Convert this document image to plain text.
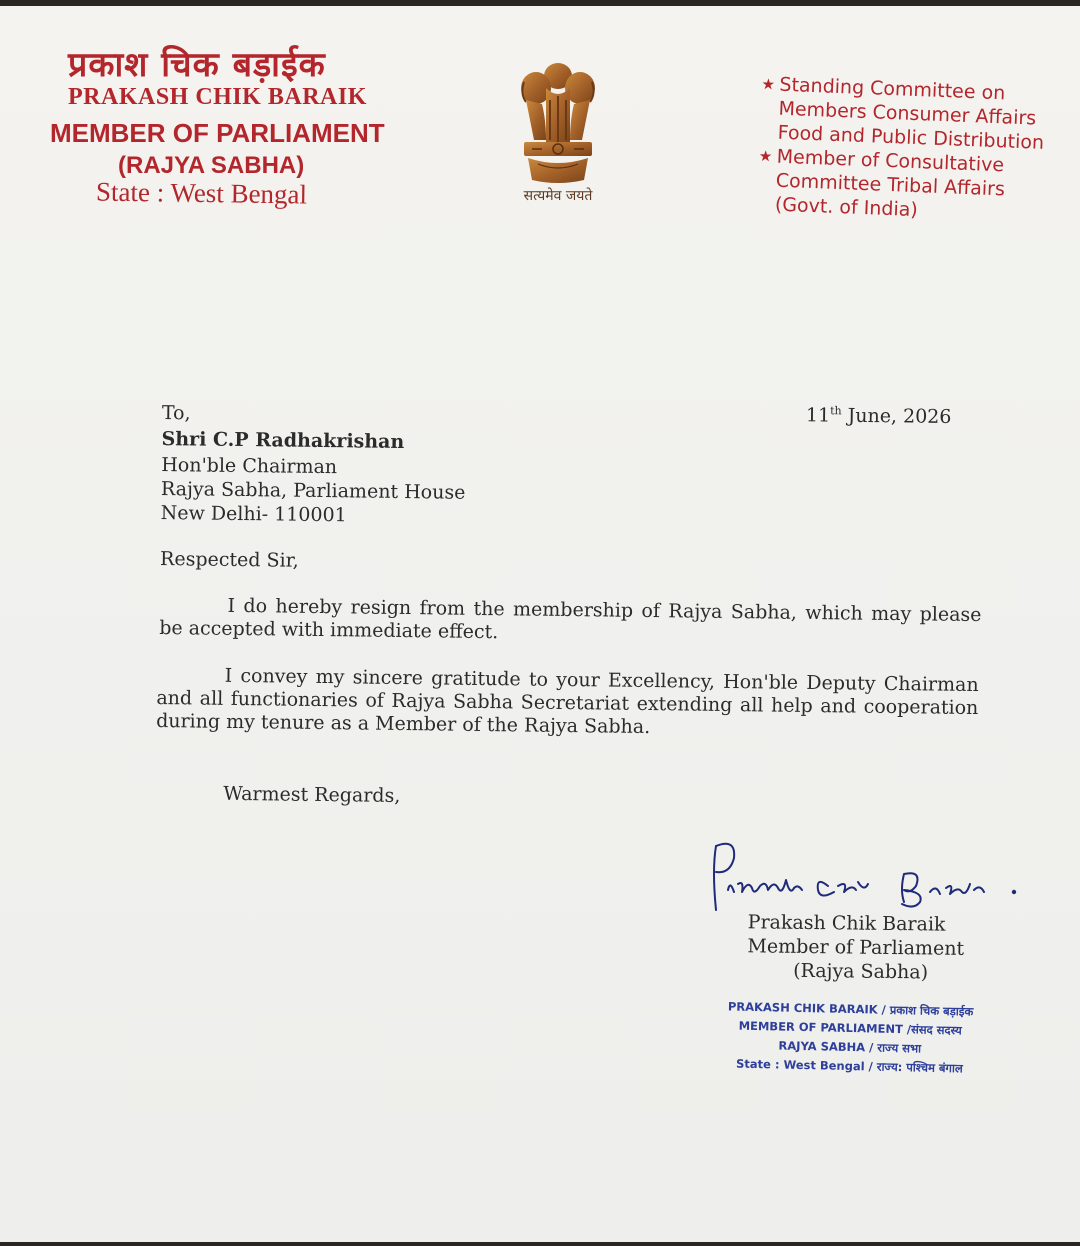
प्रकाश चिक बड़ाईक
PRAKASH CHIK BARAIK
MEMBER OF PARLIAMENT
(RAJYA SABHA)
State : West Bengal	सत्यमेव जयते
★ Standing Committee on
Members Consumer Affairs
Food and Public Distribution
★ Member of Consultative
Committee Tribal Affairs
(Govt. of India)
11th June, 2026
To,
Shri C.P Radhakrishan
Hon'ble Chairman
Rajya Sabha, Parliament House
New Delhi- 110001
Respected Sir,
I do hereby resign from the membership of Rajya Sabha, which may please be accepted with immediate effect.
I convey my sincere gratitude to your Excellency, Hon'ble Deputy Chairman and all functionaries of Rajya Sabha Secretariat extending all help and cooperation during my tenure as a Member of the Rajya Sabha.
Warmest Regards,
Prakash Chik Baraik
Member of Parliament
(Rajya Sabha)
PRAKASH CHIK BARAIK / प्रकाश चिक बड़ाईक
MEMBER OF PARLIAMENT /संसद सदस्य
RAJYA SABHA / राज्य सभा
State : West Bengal / राज्य: पश्चिम बंगाल
